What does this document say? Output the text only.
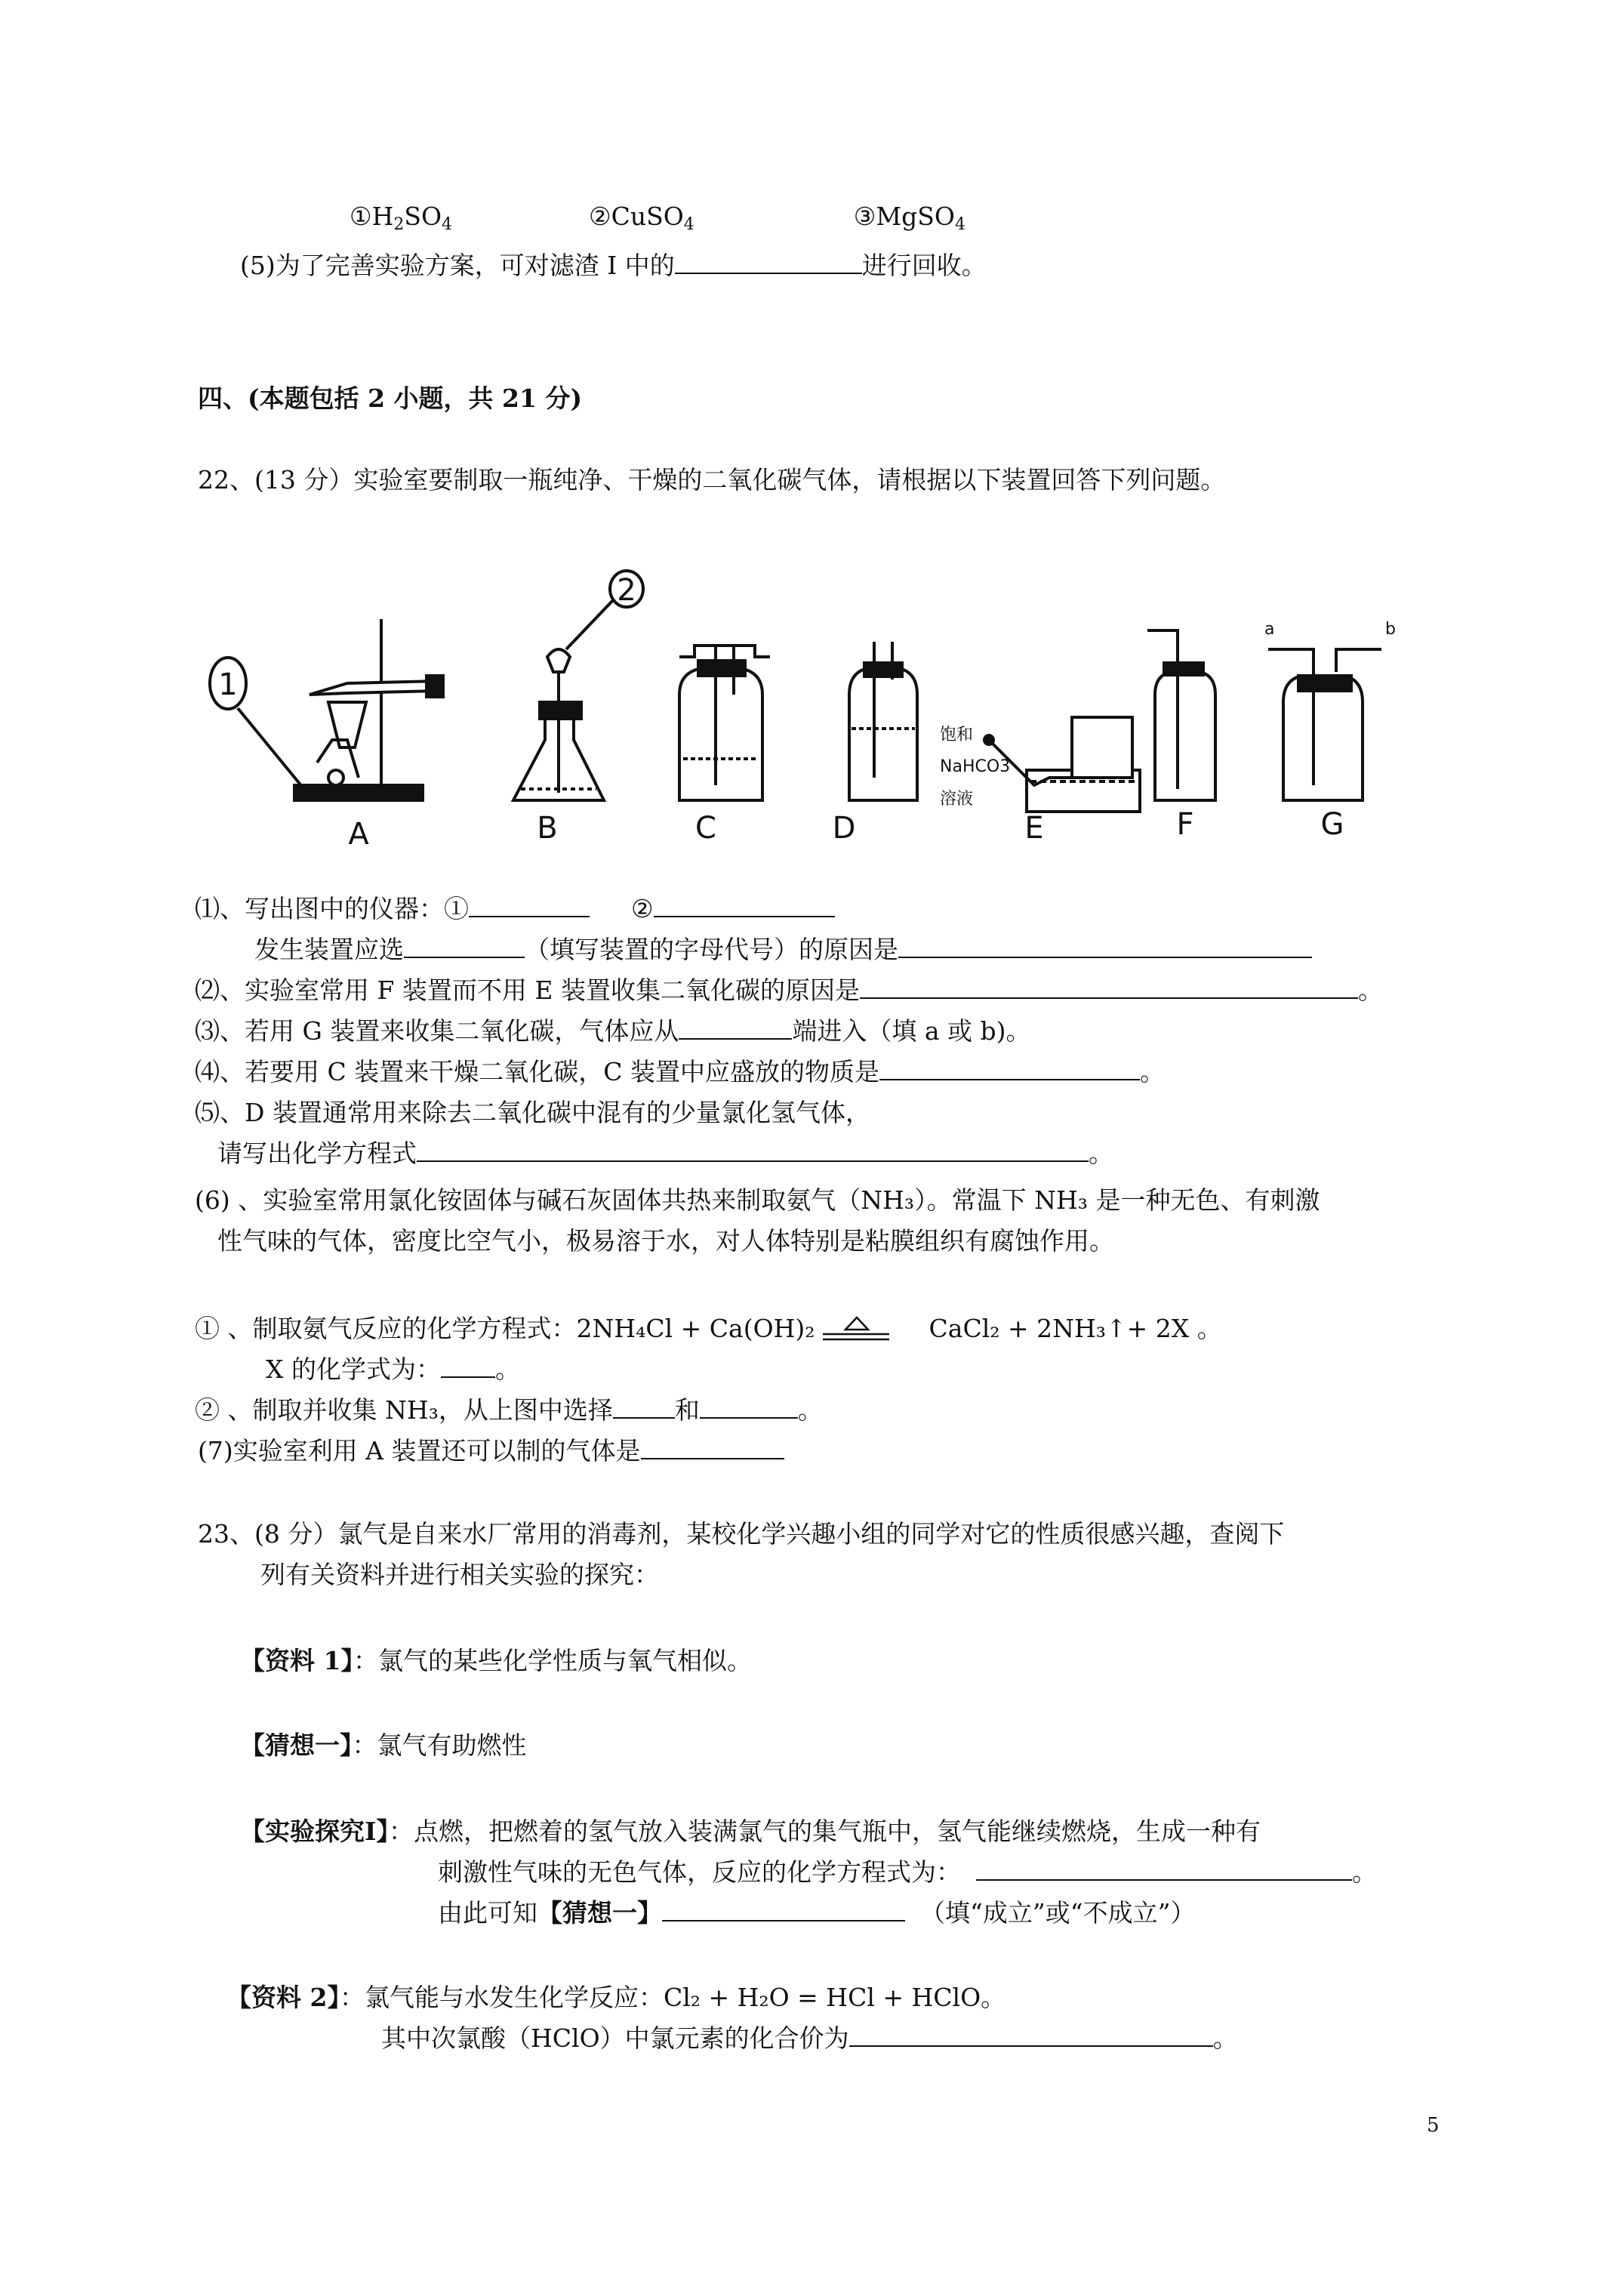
$①H_2SO_4$	②CuSO$_4$	③MgSO$_4$
(5)为了完善实验方案，可对滤渣 I 中的	进行回收。
四、(本题包括 2 小题，共 21 分)
22、(13 分）实验室要制取一瓶纯净、干燥的二氧化碳气体，请根据以下装置回答下列问题。
1
2
饱和
NaHCO3
溶液
a	b
A	B	C	D	E	F	G
⑴、写出图中的仪器：①	②
发生装置应选	（填写装置的字母代号）的原因是
⑵、实验室常用 F 装置而不用 E 装置收集二氧化碳的原因是	。
⑶、若用 G 装置来收集二氧化碳，气体应从	端进入（填 a 或 b)。
⑷、若要用 C 装置来干燥二氧化碳，C 装置中应盛放的物质是	。
⑸、D 装置通常用来除去二氧化碳中混有的少量氯化氢气体，
请写出化学方程式	。
(6) 、实验室常用氯化铵固体与碱石灰固体共热来制取氨气（NH₃）。常温下 NH₃ 是一种无色、有刺激
性气味的气体，密度比空气小，极易溶于水，对人体特别是粘膜组织有腐蚀作用。
① 、制取氨气反应的化学方程式：2NH₄Cl + Ca(OH)₂	CaCl₂ + 2NH₃↑+ 2X 。
X 的化学式为： 。
② 、制取并收集 NH₃，从上图中选择 和	。
(7)实验室利用 A 装置还可以制的气体是
23、(8 分）氯气是自来水厂常用的消毒剂，某校化学兴趣小组的同学对它的性质很感兴趣，查阅下
列有关资料并进行相关实验的探究：
【资料 1】：氯气的某些化学性质与氧气相似。
【猜想一】：氯气有助燃性
【实验探究Ⅰ】：点燃，把燃着的氢气放入装满氯气的集气瓶中，氢气能继续燃烧，生成一种有
刺激性气味的无色气体，反应的化学方程式为：	。
由此可知【猜想一】	（填“成立”或“不成立”）
【资料 2】：氯气能与水发生化学反应：Cl₂ + H₂O = HCl + HClO。
其中次氯酸（HClO）中氯元素的化合价为	。
5
